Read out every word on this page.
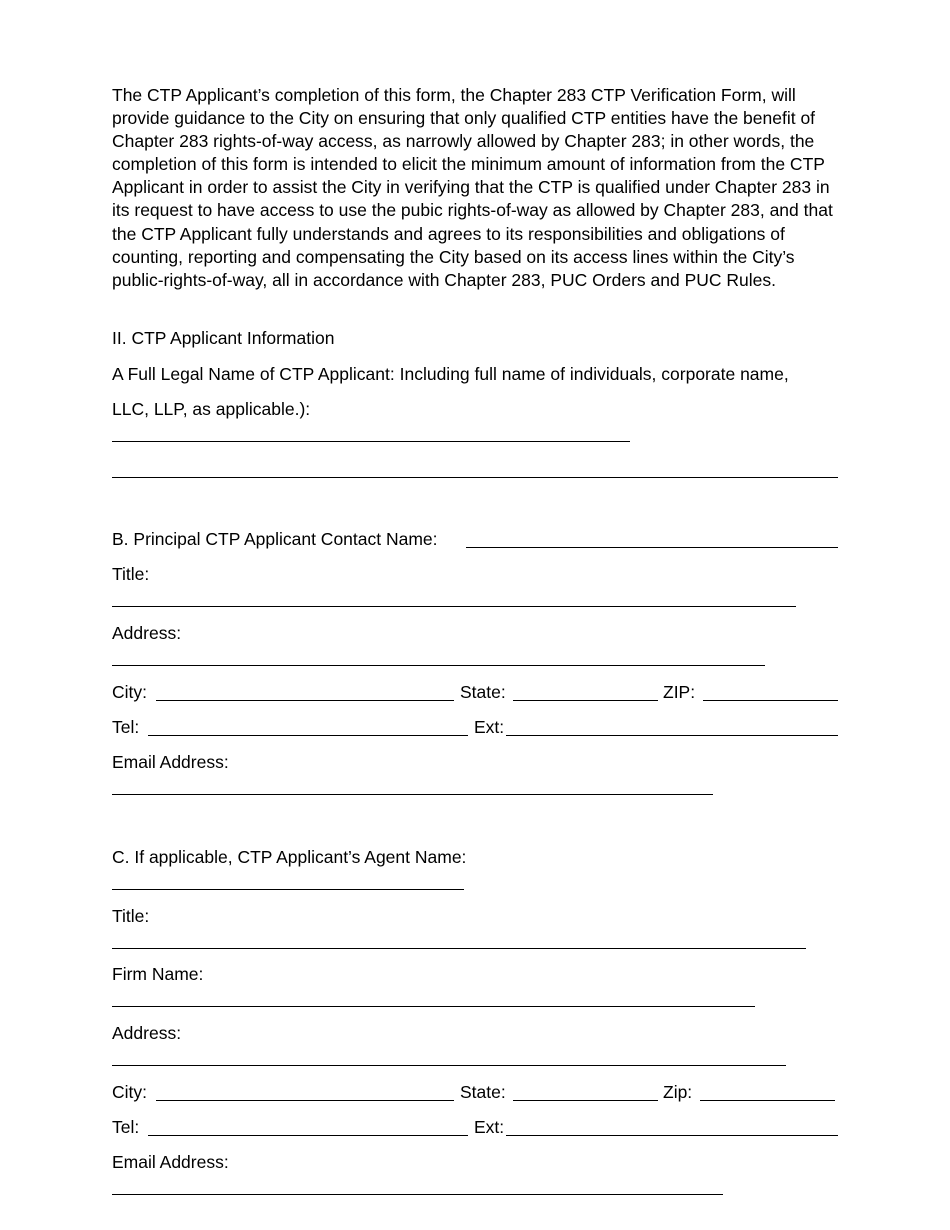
The CTP Applicant’s completion of this form, the Chapter 283 CTP Verification Form, will provide guidance to the City on ensuring that only qualified CTP entities have the benefit of Chapter 283 rights-of-way access, as narrowly allowed by Chapter 283; in other words, the completion of this form is intended to elicit the minimum amount of information from the CTP Applicant in order to assist the City in verifying that the CTP is qualified under Chapter 283 in its request to have access to use the pubic rights-of-way as allowed by Chapter 283, and that the CTP Applicant fully understands and agrees to its responsibilities and obligations of counting, reporting and compensating the City based on its access lines within the City’s public-rights-of-way, all in accordance with Chapter 283, PUC Orders and PUC Rules.
II. CTP Applicant Information
A Full Legal Name of CTP Applicant: Including full name of individuals, corporate name,
LLC, LLP, as applicable.):
B. Principal CTP Applicant Contact Name:
Title:
Address:
City:	State:	ZIP:
Tel:	Ext:
Email Address:
C. If applicable, CTP Applicant’s Agent Name:
Title:
Firm Name:
Address:
City:	State:	Zip:
Tel:	Ext:
Email Address:
